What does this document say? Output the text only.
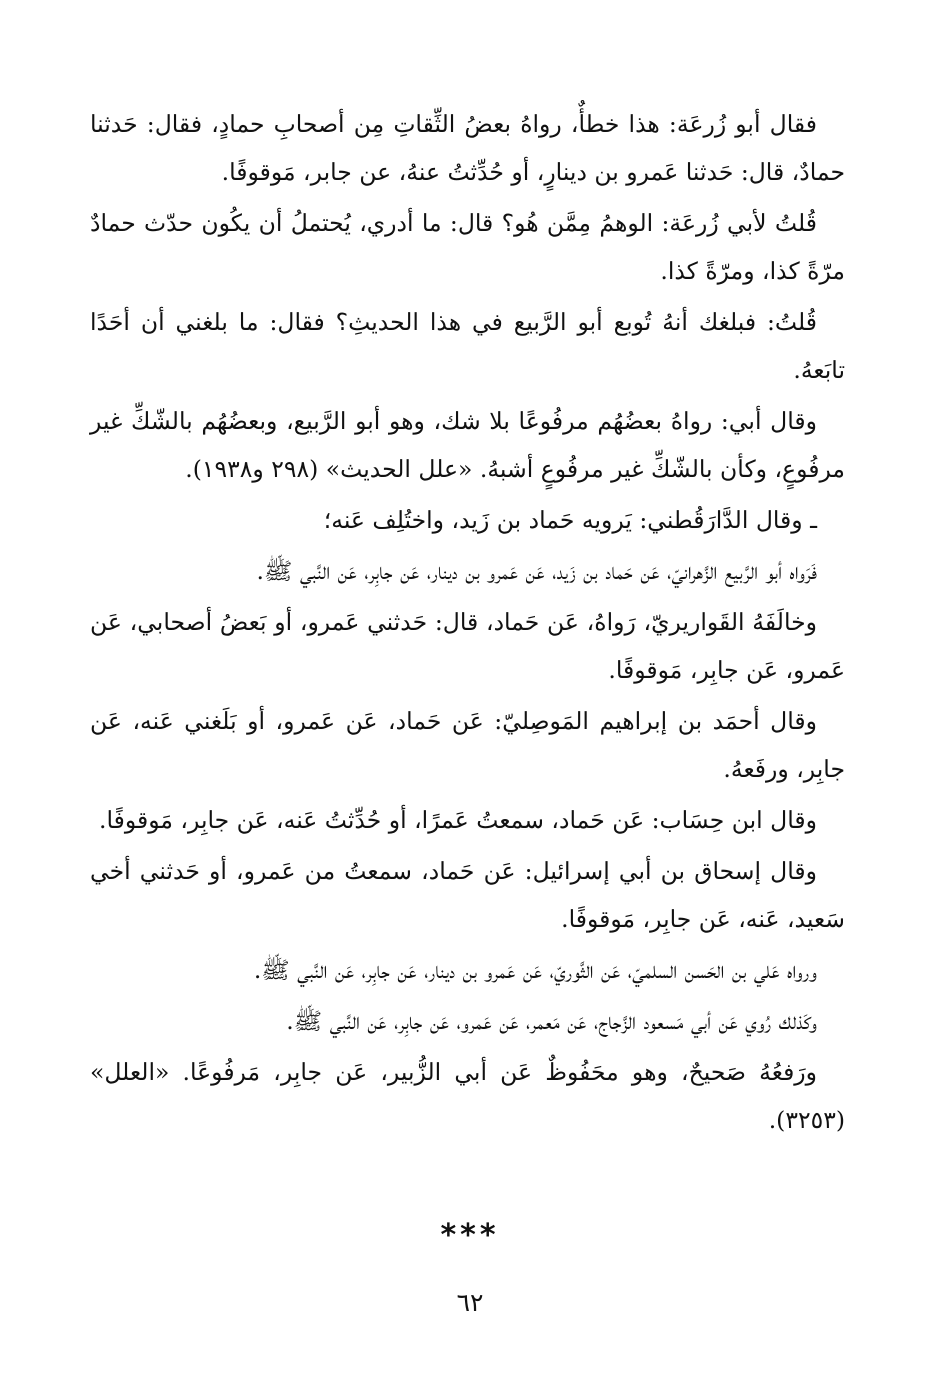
فقال أبو زُرعَة: هذا خطأٌ، رواهُ بعضُ الثِّقاتِ مِن أصحابِ حمادٍ، فقال: حَدثنا حمادٌ، قال: حَدثنا عَمرو بن دينارٍ، أو حُدِّثتُ عنهُ، عن جابر، مَوقوفًا.

قُلتُ لأبي زُرعَة: الوهمُ مِمَّن هُو؟ قال: ما أدري، يُحتملُ أن يكُون حدّث حمادٌ مرّةً كذا، ومرّةً كذا.

قُلتُ: فبلغك أنهُ تُوبع أبو الرَّبيع في هذا الحديثِ؟ فقال: ما بلغني أن أحَدًا تابَعهُ.

وقال أبي: رواهُ بعضُهُم مرفُوعًا بلا شك، وهو أبو الرَّبيع، وبعضُهُم بالشّكِّ غير مرفُوعٍ، وكأن بالشّكِّ غير مرفُوعٍ أشبهُ. «علل الحديث» (٢٩٨ و١٩٣٨).

ـ وقال الدَّارَقُطني: يَرويه حَماد بن زَيد، واختُلِف عَنه؛

فَرَواه أبو الرَّبيع الزَّهرانيّ، عَن حَماد بن زَيد، عَن عَمرو بن دينار، عَن جابِر، عَن النَّبي ﷺ.

وخالَفَهُ القَواريريّ، رَواهُ، عَن حَماد، قال: حَدثني عَمرو، أو بَعضُ أصحابي، عَن عَمرو، عَن جابِر، مَوقوفًا.

وقال أحمَد بن إبراهيم المَوصِليّ: عَن حَماد، عَن عَمرو، أو بَلَغني عَنه، عَن جابِر، ورفَعهُ.

وقال ابن حِسَاب: عَن حَماد، سمعتُ عَمرًا، أو حُدِّثتُ عَنه، عَن جابِر، مَوقوفًا.

وقال إسحاق بن أبي إسرائيل: عَن حَماد، سمعتُ من عَمرو، أو حَدثني أخي سَعيد، عَنه، عَن جابِر، مَوقوفًا.

ورواه عَلي بن الحَسن السلميّ، عَن الثَّوريّ، عَن عَمرو بن دينار، عَن جابِر، عَن النَّبي ﷺ.

وكَذلك رُوي عَن أبي مَسعود الزَّجاج، عَن مَعمر، عَن عَمرو، عَن جابِر، عَن النَّبي ﷺ.

ورَفعُهُ صَحيحٌ، وهو محَفُوظٌ عَن أبي الزُّبير، عَن جابِر، مَرفُوعًا. «العلل» (٣٢٥٣).

***
٦٢
